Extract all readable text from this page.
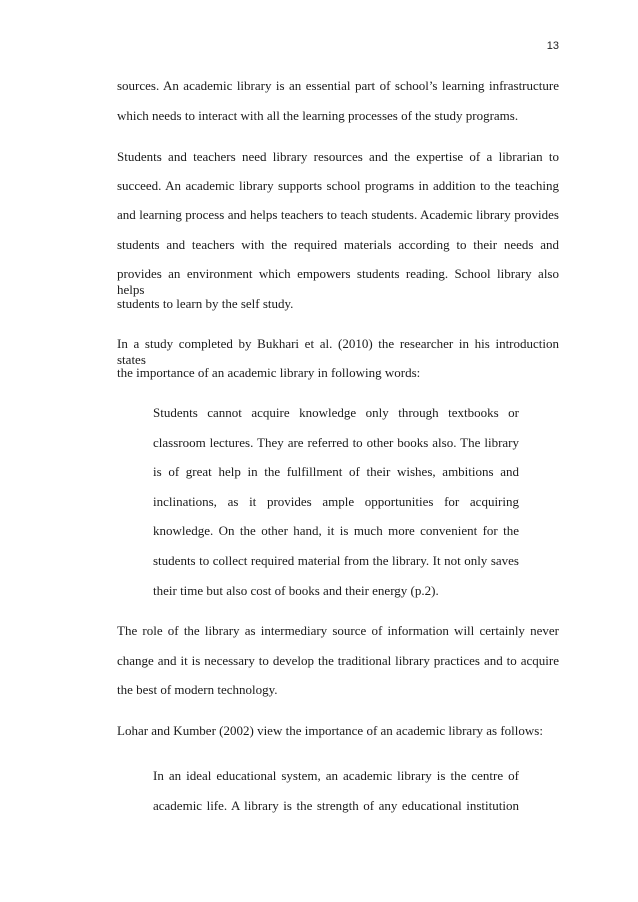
13
sources. An academic library is an essential part of school’s learning infrastructure
which needs to interact with all the learning processes of the study programs.
Students and teachers need library resources and the expertise of a librarian to
succeed. An academic library supports school programs in addition to the teaching
and learning process and helps teachers to teach students. Academic library provides
students and teachers with the required materials according to their needs and
provides an environment which empowers students reading. School library also helps
students to learn by the self study.
In a study completed by Bukhari et al. (2010) the researcher in his introduction states
the importance of an academic library in following words:
Students cannot acquire knowledge only through textbooks or
classroom lectures. They are referred to other books also. The library
is of great help in the fulfillment of their wishes, ambitions and
inclinations, as it provides ample opportunities for acquiring
knowledge. On the other hand, it is much more convenient for the
students to collect required material from the library. It not only saves
their time but also cost of books and their energy (p.2).
The role of the library as intermediary source of information will certainly never
change and it is necessary to develop the traditional library practices and to acquire
the best of modern technology.
Lohar and Kumber (2002) view the importance of an academic library as follows:
In an ideal educational system, an academic library is the centre of
academic life. A library is the strength of any educational institution
